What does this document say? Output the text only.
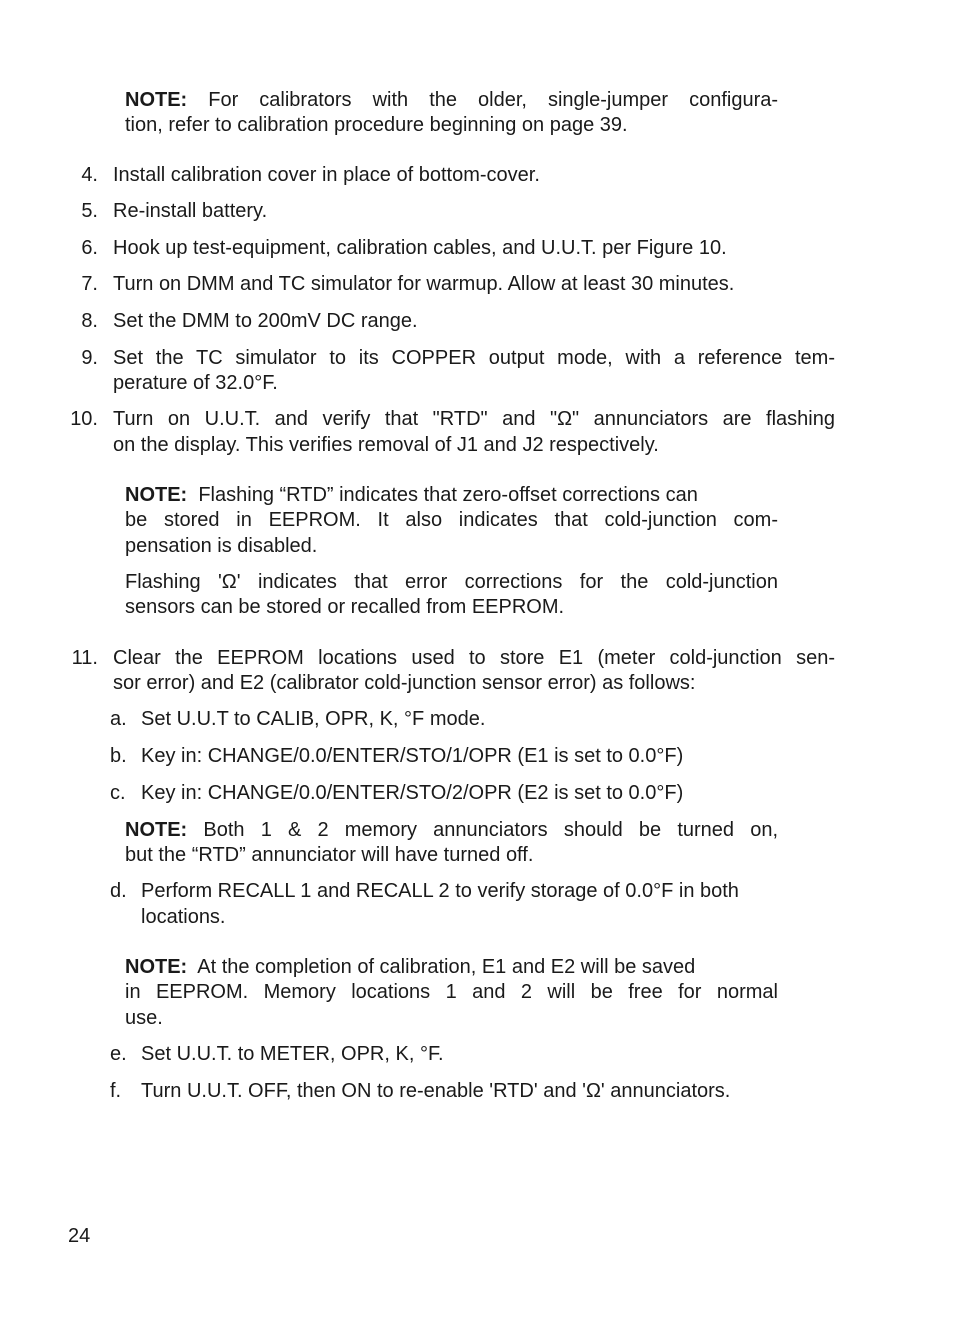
NOTE: For calibrators with the older, single-jumper configura-
tion, refer to calibration procedure beginning on page 39.
4. Install calibration cover in place of bottom-cover.
5. Re-install battery.
6. Hook up test-equipment, calibration cables, and U.U.T. per Figure 10.
7. Turn on DMM and TC simulator for warmup. Allow at least 30 minutes.
8. Set the DMM to 200mV DC range.
9. Set the TC simulator to its COPPER output mode, with a reference tem-
perature of 32.0°F.
10. Turn on U.U.T. and verify that "RTD" and "Ω" annunciators are flashing
on the display. This verifies removal of J1 and J2 respectively.
NOTE: Flashing “RTD” indicates that zero-offset corrections can
be stored in EEPROM. It also indicates that cold-junction com-
pensation is disabled.
Flashing 'Ω' indicates that error corrections for the cold-junction
sensors can be stored or recalled from EEPROM.
11. Clear the EEPROM locations used to store E1 (meter cold-junction sen-
sor error) and E2 (calibrator cold-junction sensor error) as follows:
a. Set U.U.T to CALIB, OPR, K, °F mode.
b. Key in: CHANGE/0.0/ENTER/STO/1/OPR (E1 is set to 0.0°F)
c. Key in: CHANGE/0.0/ENTER/STO/2/OPR (E2 is set to 0.0°F)
NOTE: Both 1 & 2 memory annunciators should be turned on,
but the “RTD” annunciator will have turned off.
d. Perform RECALL 1 and RECALL 2 to verify storage of 0.0°F in both
locations.
NOTE: At the completion of calibration, E1 and E2 will be saved
in EEPROM. Memory locations 1 and 2 will be free for normal
use.
e. Set U.U.T. to METER, OPR, K, °F.
f. Turn U.U.T. OFF, then ON to re-enable 'RTD' and 'Ω' annunciators.
24
